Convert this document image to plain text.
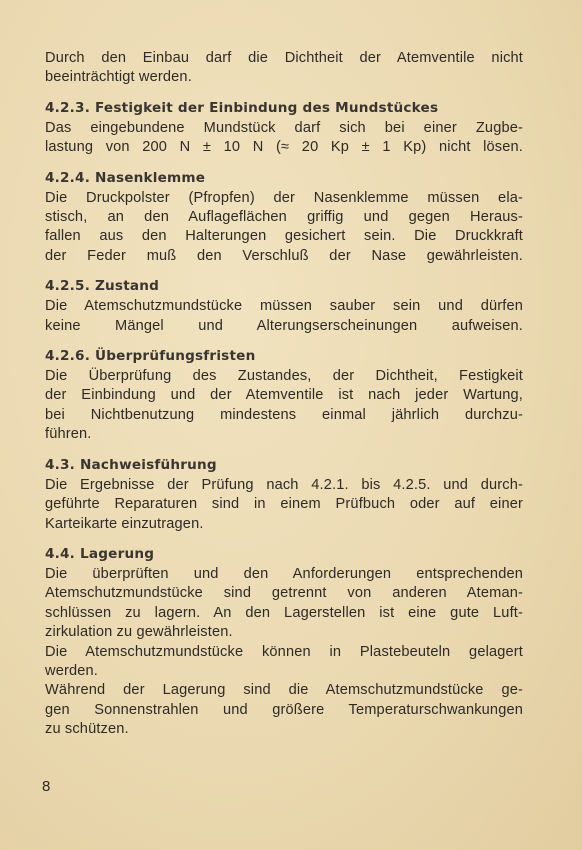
Durch den Einbau darf die Dichtheit der Atemventile nicht
beeinträchtigt werden.
4.2.3. Festigkeit der Einbindung des Mundstückes
Das eingebundene Mundstück darf sich bei einer Zugbe-
lastung von 200 N ± 10 N (≈ 20 Kp ± 1 Kp) nicht lösen.
4.2.4. Nasenklemme
Die Druckpolster (Pfropfen) der Nasenklemme müssen ela-
stisch, an den Auflageflächen griffig und gegen Heraus-
fallen aus den Halterungen gesichert sein. Die Druckkraft
der Feder muß den Verschluß der Nase gewährleisten.
4.2.5. Zustand
Die Atemschutzmundstücke müssen sauber sein und dürfen
keine Mängel und Alterungserscheinungen aufweisen.
4.2.6. Überprüfungsfristen
Die Überprüfung des Zustandes, der Dichtheit, Festigkeit
der Einbindung und der Atemventile ist nach jeder Wartung,
bei Nichtbenutzung mindestens einmal jährlich durchzu-
führen.
4.3. Nachweisführung
Die Ergebnisse der Prüfung nach 4.2.1. bis 4.2.5. und durch-
geführte Reparaturen sind in einem Prüfbuch oder auf einer
Karteikarte einzutragen.
4.4. Lagerung
Die überprüften und den Anforderungen entsprechenden
Atemschutzmundstücke sind getrennt von anderen Ateman-
schlüssen zu lagern. An den Lagerstellen ist eine gute Luft-
zirkulation zu gewährleisten.
Die Atemschutzmundstücke können in Plastebeuteln gelagert
werden.
Während der Lagerung sind die Atemschutzmundstücke ge-
gen Sonnenstrahlen und größere Temperaturschwankungen
zu schützen.
8
